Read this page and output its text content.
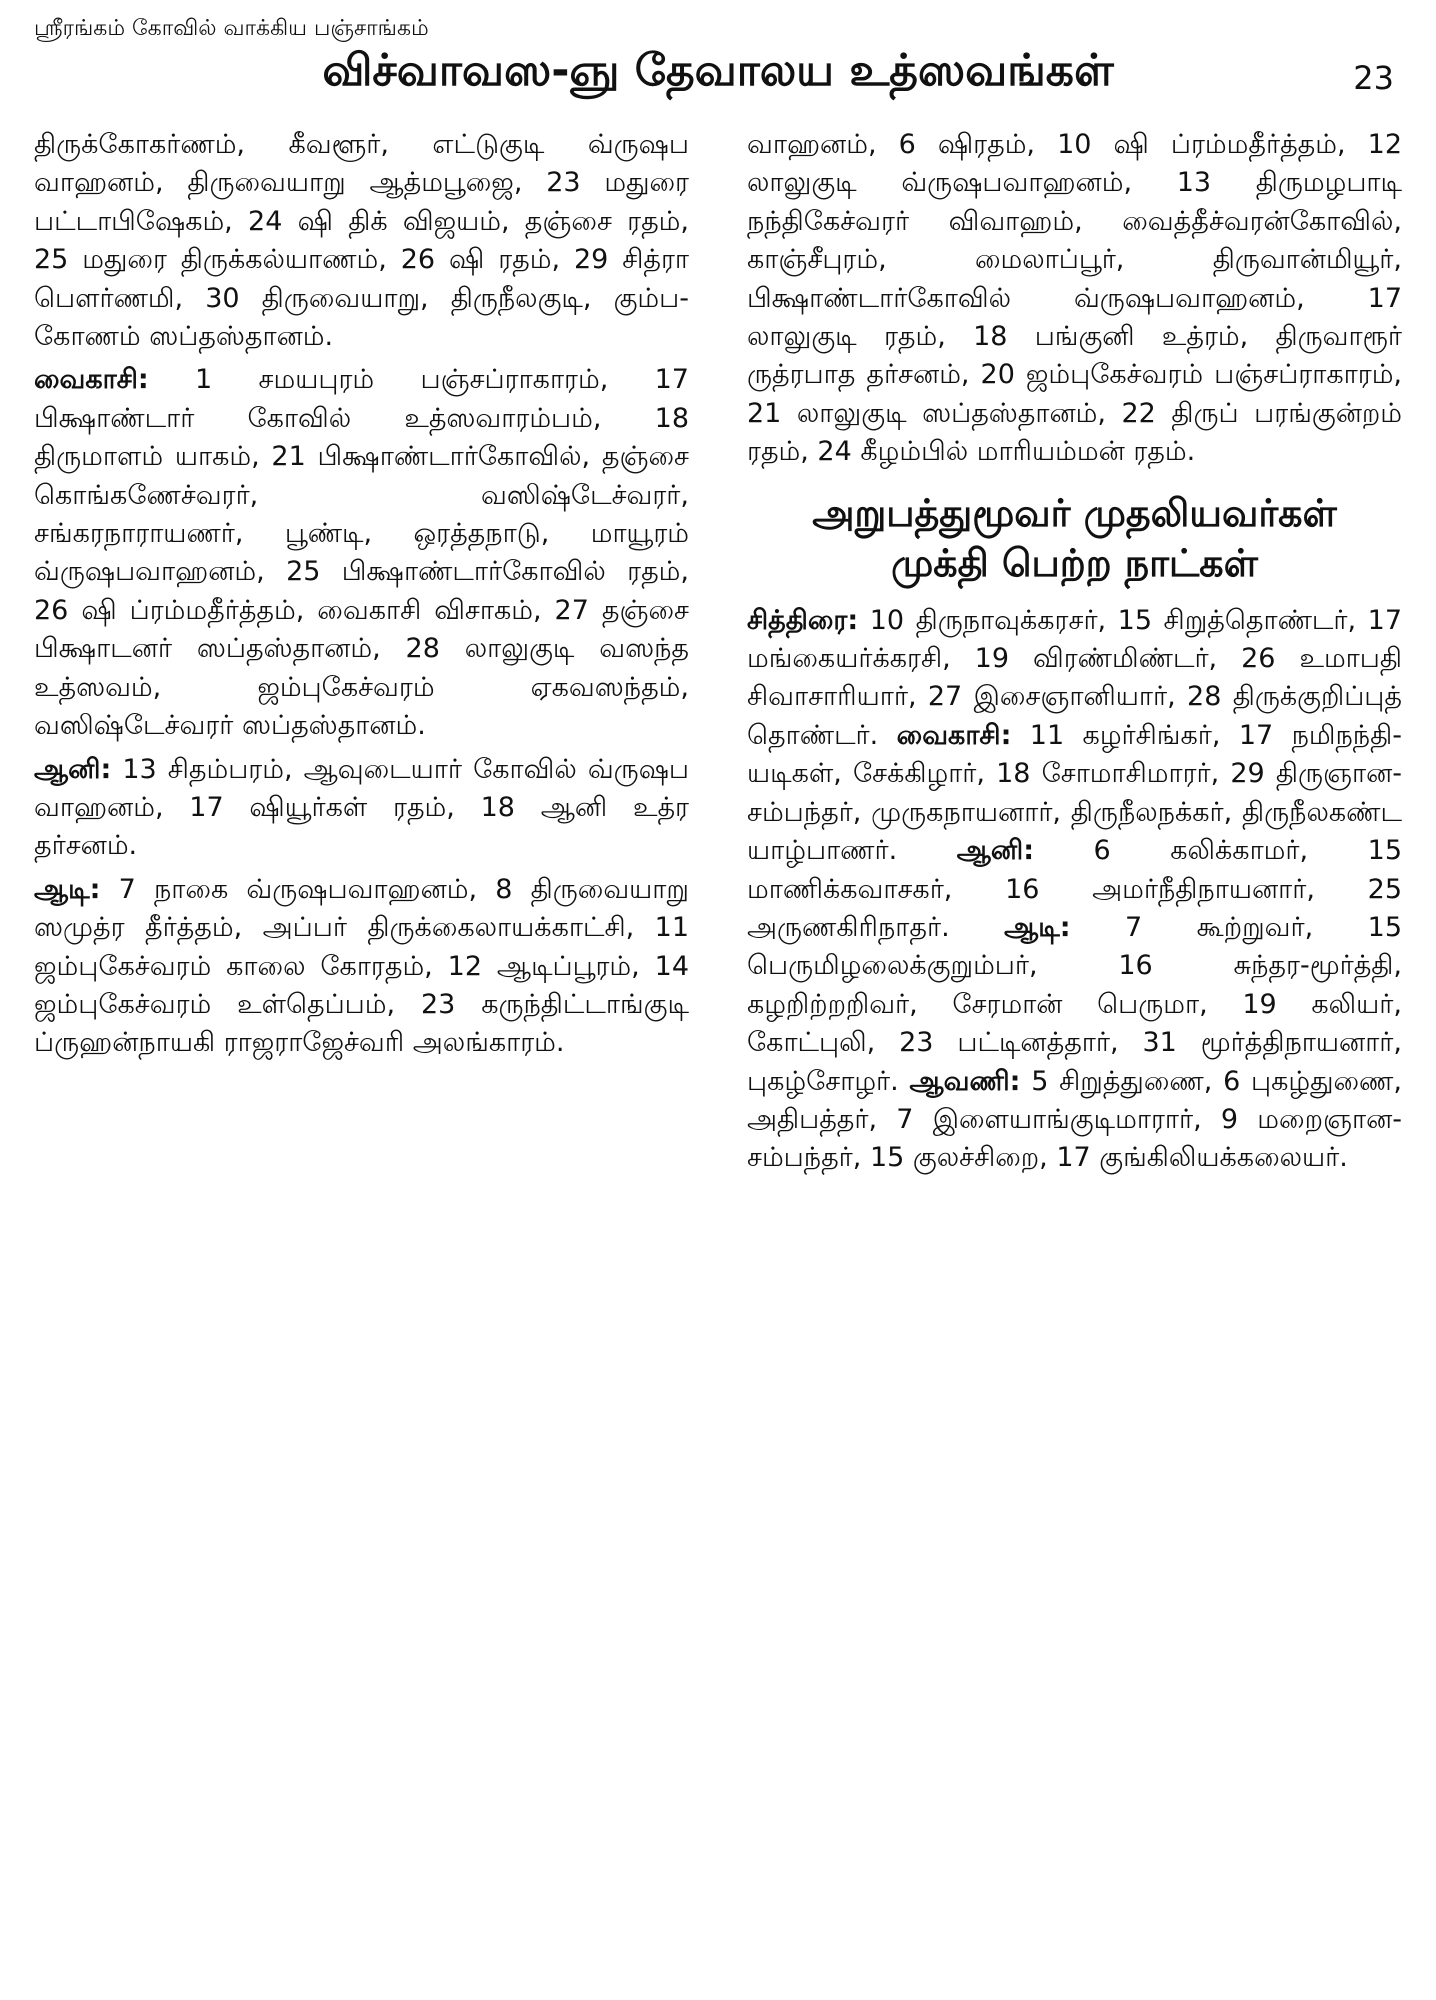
ஸ்ரீரங்கம் கோவில் வாக்கிய பஞ்சாங்கம்
விச்வாவஸ-ஞு தேவாலய உத்ஸவங்கள்	23

திருக்கோகர்ணம், கீவளூர், எட்டுகுடி வ்ருஷப வாஹனம், திருவையாறு ஆத்மபூஜை, 23 மதுரை பட்டாபிஷேகம், 24 ஷி திக் விஜயம், தஞ்சை ரதம், 25 மதுரை திருக்கல்யாணம், 26 ஷி ரதம், 29 சித்ரா பௌர்ணமி, 30 திருவையாறு, திருநீலகுடி, கும்ப-கோணம் ஸப்தஸ்தானம்.

வைகாசி: 1 சமயபுரம் பஞ்சப்ராகாரம், 17 பிக்ஷாண்டார் கோவில் உத்ஸவாரம்பம், 18 திருமாளம் யாகம், 21 பிக்ஷாண்டார்கோவில், தஞ்சை கொங்கணேச்வரர், வஸிஷ்டேச்வரர், சங்கரநாராயணர், பூண்டி, ஒரத்தநாடு, மாயூரம் வ்ருஷபவாஹனம், 25 பிக்ஷாண்டார்கோவில் ரதம், 26 ஷி ப்ரம்மதீர்த்தம், வைகாசி விசாகம், 27 தஞ்சை பிக்ஷாடனர் ஸப்தஸ்தானம், 28 லாலுகுடி வஸந்த உத்ஸவம், ஜம்புகேச்வரம் ஏகவஸந்தம், வஸிஷ்டேச்வரர் ஸப்தஸ்தானம்.

ஆனி: 13 சிதம்பரம், ஆவுடையார் கோவில் வ்ருஷப வாஹனம், 17 ஷியூர்கள் ரதம், 18 ஆனி உத்ர தர்சனம்.

ஆடி: 7 நாகை வ்ருஷபவாஹனம், 8 திருவையாறு ஸமுத்ர தீர்த்தம், அப்பர் திருக்கைலாயக்காட்சி, 11 ஜம்புகேச்வரம் காலை கோரதம், 12 ஆடிப்பூரம், 14 ஜம்புகேச்வரம் உள்தெப்பம், 23 கருந்திட்டாங்குடி ப்ருஹன்நாயகி ராஜராஜேச்வரி அலங்காரம்.

வாஹனம், 6 ஷிரதம், 10 ஷி ப்ரம்மதீர்த்தம், 12 லாலுகுடி வ்ருஷபவாஹனம், 13 திருமழபாடி நந்திகேச்வரர் விவாஹம், வைத்தீச்வரன்கோவில், காஞ்சீபுரம், மைலாப்பூர், திருவான்மியூர், பிக்ஷாண்டார்கோவில் வ்ருஷபவாஹனம், 17 லாலுகுடி ரதம், 18 பங்குனி உத்ரம், திருவாரூர் ருத்ரபாத தர்சனம், 20 ஜம்புகேச்வரம் பஞ்சப்ராகாரம், 21 லாலுகுடி ஸப்தஸ்தானம், 22 திருப் பரங்குன்றம் ரதம், 24 கீழம்பில் மாரியம்மன் ரதம்.

அறுபத்துமூவர் முதலியவர்கள்
முக்தி பெற்ற நாட்கள்

சித்திரை: 10 திருநாவுக்கரசர், 15 சிறுத்தொண்டர், 17 மங்கையர்க்கரசி, 19 விரண்மிண்டர், 26 உமாபதி சிவாசாரியார், 27 இசைஞானியார், 28 திருக்குறிப்புத் தொண்டர். வைகாசி: 11 கழர்சிங்கர், 17 நமிநந்தி-யடிகள், சேக்கிழார், 18 சோமாசிமாரர், 29 திருஞான-சம்பந்தர், முருகநாயனார், திருநீலநக்கர், திருநீலகண்ட யாழ்பாணர். ஆனி: 6 கலிக்காமர், 15 மாணிக்கவாசகர், 16 அமர்நீதிநாயனார், 25 அருணகிரிநாதர். ஆடி: 7 கூற்றுவர், 15 பெருமிழலைக்குறும்பர், 16 சுந்தர-மூர்த்தி, கழறிற்றறிவர், சேரமான் பெருமா, 19 கலியர், கோட்புலி, 23 பட்டினத்தார், 31 மூர்த்திநாயனார், புகழ்சோழர். ஆவணி: 5 சிறுத்துணை, 6 புகழ்துணை, அதிபத்தர், 7 இளையாங்குடிமாரார், 9 மறைஞான-சம்பந்தர், 15 குலச்சிறை, 17 குங்கிலியக்கலையர்.
